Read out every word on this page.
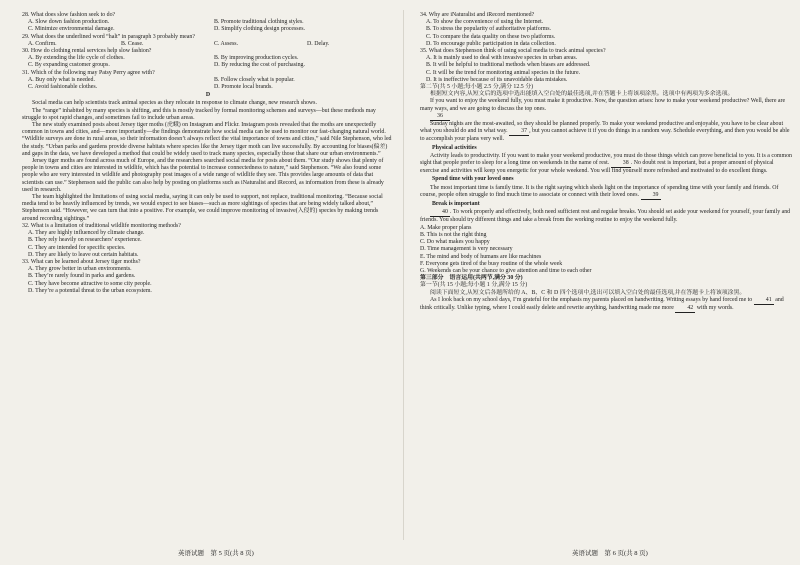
28. What does slow fashion seek to do?

A. Slow down fashion production.	B. Promote traditional clothing styles.
C. Minimize environmental damage.	D. Simplify clothing design processes.

29. What does the underlined word “halt” in paragraph 3 probably mean?

A. Confirm.	B. Cease.	C. Assess.	D. Delay.

30. How do clothing rental services help slow fashion?

A. By extending the life cycle of clothes.	B. By improving production cycles.
C. By expanding customer groups.	D. By reducing the cost of purchasing.

31. Which of the following may Patsy Perry agree with?

A. Buy only what is needed.	B. Follow closely what is popular.
C. Avoid fashionable clothes.	D. Promote local brands.
D

Social media can help scientists track animal species as they relocate in response to climate change, new research shows.

The “range” inhabited by many species is shifting, and this is mostly tracked by formal monitoring schemes and surveys—but these methods may struggle to spot rapid changes, and sometimes fail to include urban areas.

The new study examined posts about Jersey tiger moths (虎蛾) on Instagram and Flickr. Instagram posts revealed that the moths are unexpectedly common in towns and cities, and—more importantly—the findings demonstrate how social media can be used to monitor our fast-changing natural world. “Wildlife surveys are done in rural areas, so their information doesn’t always reflect the vital importance of towns and cities,” said Nile Stephenson, who led the study. “Urban parks and gardens provide diverse habitats where species like the Jersey tiger moth can live successfully. By accounting for biases(偏差) and gaps in the data, we have developed a method that could be widely used to track many species, especially those that share our urban environments.”

Jersey tiger moths are found across much of Europe, and the researchers searched social media for posts about them. “Our study shows that plenty of people in towns and cities are interested in wildlife, which has the potential to increase connectedness to nature,” said Stephenson. “We also found some people who are very interested in wildlife and photography post images of a wide range of wildlife they see. This provides large amounts of data that scientists can use.” Stephenson said the public can also help by posting on platforms such as iNaturalist and iRecord, as information from these is already used in research.

The team highlighted the limitations of using social media, saying it can only be used to support, not replace, traditional monitoring. “Because social media tend to be heavily influenced by trends, we would expect to see biases—such as more sightings of species that are being widely talked about,” Stephenson said. “However, we can turn that into a positive. For example, we could improve monitoring of invasive(入侵的) species by making trends around recording sightings.”

32. What is a limitation of traditional wildlife monitoring methods?

A. They are highly influenced by climate change.
B. They rely heavily on researchers’ experience.
C. They are intended for specific species.
D. They are likely to leave out certain habitats.

33. What can be learned about Jersey tiger moths?

A. They grow better in urban environments.
B. They’re rarely found in parks and gardens.
C. They have become attractive to some city people.
D. They’re a potential threat to the urban ecosystem.

34. Why are iNaturalist and iRecord mentioned?

A. To show the convenience of using the Internet.
B. To stress the popularity of authoritative platforms.
C. To compare the data quality on these two platforms.
D. To encourage public participation in data collection.

35. What does Stephenson think of using social media to track animal species?

A. It is mainly used to deal with invasive species in urban areas.
B. It will be helpful to traditional methods when biases are addressed.
C. It will be the trend for monitoring animal species in the future.
D. It is ineffective because of its unavoidable data mistakes.

第二节(共 5 小题;每小题 2.5 分,满分 12.5 分)

根据短文内容,从短文后的选项中选出能填入空白处的最佳选项,并在答题卡上将该项涂黑。选项中有两项为多余选项。

If you want to enjoy the weekend fully, you must make it productive. Now, the question arises: how to make your weekend productive? Well, there are many ways, and we are going to discuss the top ones.

36

Sunday nights are the most-awaited, so they should be planned properly. To make your weekend productive and enjoyable, you have to be clear about what you should do and in what way. 37 , but you cannot achieve it if you do things in a random way. Schedule everything, and then you would be able to accomplish your plans very well.

Physical activities

Activity leads to productivity. If you want to make your weekend productive, you must do those things which can prove beneficial to you. It is a common sight that people prefer to sleep for a long time on weekends in the name of rest. 38 . No doubt rest is important, but a proper amount of physical exercise and activities will keep you energetic for your whole weekend. You will find yourself more refreshed and motivated to do excellent things.

Spend time with your loved ones

The most important time is family time. It is the right saying which sheds light on the importance of spending time with your family and friends. Of course, people often struggle to find much time to associate or connect with their loved ones. 39

Break is important

40 . To work properly and effectively, both need sufficient rest and regular breaks. You should set aside your weekend for yourself, your family and friends. You should try different things and take a break from the working routine to enjoy the weekend fully.

A. Make proper plans
B. This is not the right thing
C. Do what makes you happy
D. Time management is very necessary
E. The mind and body of humans are like machines
F. Everyone gets tired of the busy routine of the whole week
G. Weekends can be your chance to give attention and time to each other

第三部分　语言运用(共两节,满分 30 分)

第一节(共 15 小题;每小题 1 分,满分 15 分)

阅读下面短文,从短文后各题所给的 A、B、C 和 D 四个选项中,选出可以填入空白处的最佳选项,并在答题卡上将该项涂黑。

As I look back on my school days, I’m grateful for the emphasis my parents placed on handwriting. Writing essays by hand forced me to 41 and think critically. Unlike typing, where I could easily delete and rewrite anything, handwriting made me more 42 with my words.

英语试题　第 5 页(共 8 页)	英语试题　第 6 页(共 8 页)
